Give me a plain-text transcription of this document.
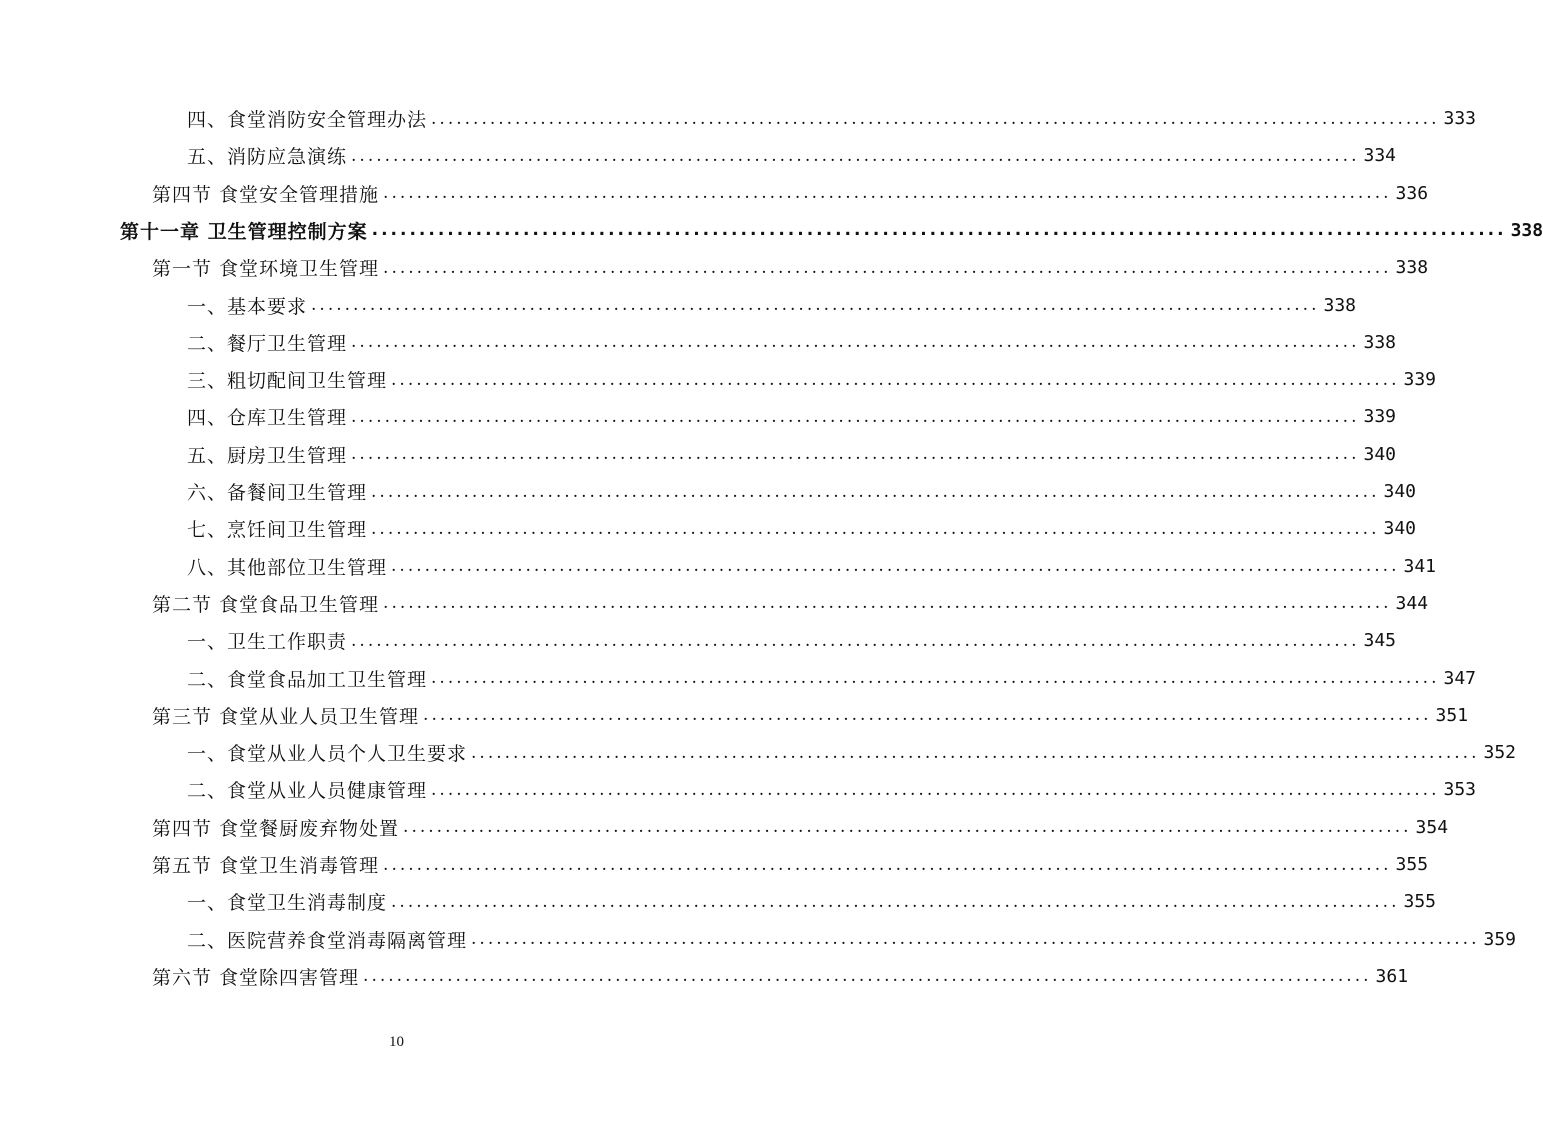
四、食堂消防安全管理办法 ........................................................................................................................ 333
五、消防应急演练 ........................................................................................................................ 334
第四节 食堂安全管理措施 ........................................................................................................................ 336
第十一章 卫生管理控制方案 ........................................................................................................................ 338
第一节 食堂环境卫生管理 ........................................................................................................................ 338
一、基本要求 ........................................................................................................................ 338
二、餐厅卫生管理 ........................................................................................................................ 338
三、粗切配间卫生管理 ........................................................................................................................ 339
四、仓库卫生管理 ........................................................................................................................ 339
五、厨房卫生管理 ........................................................................................................................ 340
六、备餐间卫生管理 ........................................................................................................................ 340
七、烹饪间卫生管理 ........................................................................................................................ 340
八、其他部位卫生管理 ........................................................................................................................ 341
第二节 食堂食品卫生管理 ........................................................................................................................ 344
一、卫生工作职责 ........................................................................................................................ 345
二、食堂食品加工卫生管理 ........................................................................................................................ 347
第三节 食堂从业人员卫生管理 ........................................................................................................................ 351
一、食堂从业人员个人卫生要求 ........................................................................................................................ 352
二、食堂从业人员健康管理 ........................................................................................................................ 353
第四节 食堂餐厨废弃物处置 ........................................................................................................................ 354
第五节 食堂卫生消毒管理 ........................................................................................................................ 355
一、食堂卫生消毒制度 ........................................................................................................................ 355
二、医院营养食堂消毒隔离管理 ........................................................................................................................ 359
第六节 食堂除四害管理 ........................................................................................................................ 361
10
